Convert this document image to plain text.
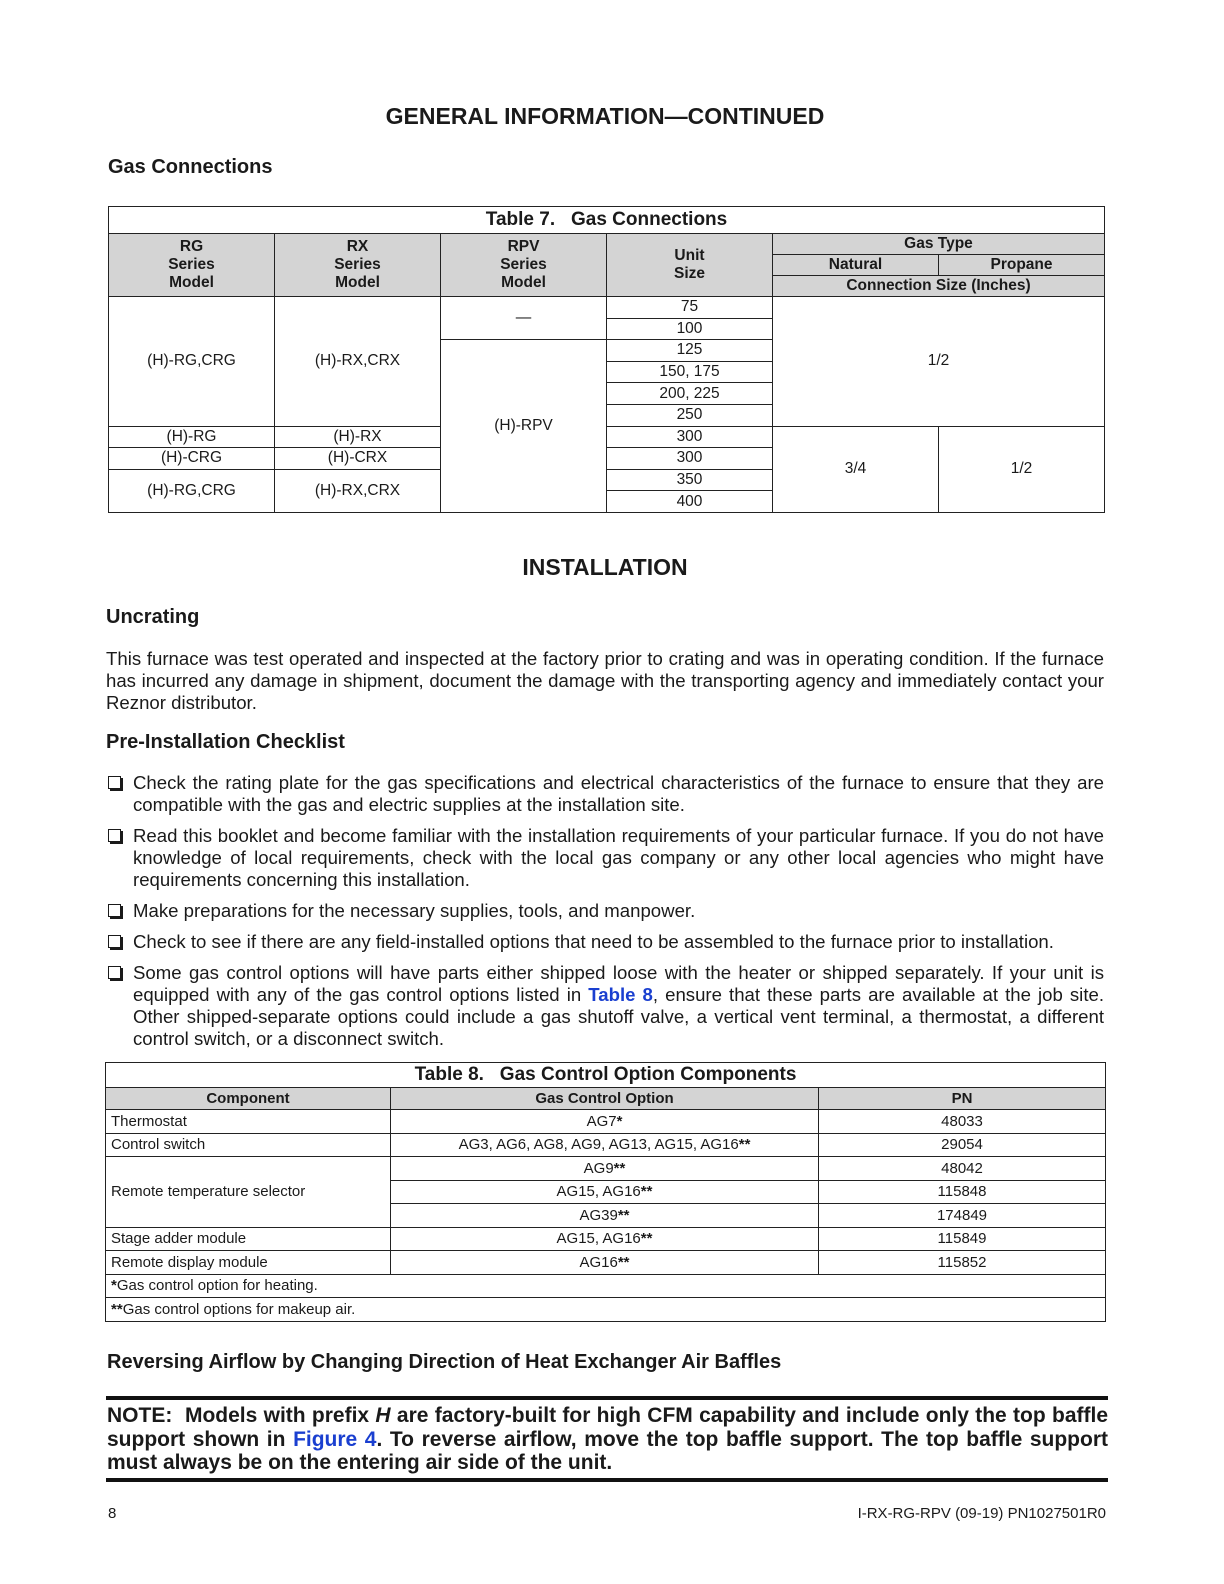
GENERAL INFORMATION—CONTINUED
Gas Connections
Table 7. Gas Connections					
RG
Series
Model	RX
Series
Model	RPV
Series
Model	Unit
Size	Gas Type	
				Natural	Propane
				Connection Size (Inches)	
(H)-RG,CRG	(H)-RX,CRX	—	75	1/2	
			100		
		(H)-RPV	125		
			150, 175		
			200, 225		
			250		
(H)-RG	(H)-RX		300	3/4	1/2
(H)-CRG	(H)-CRX		300		
(H)-RG,CRG	(H)-RX,CRX		350		
			400		
INSTALLATION
Uncrating
This furnace was test operated and inspected at the factory prior to crating and was in operating condition. If the furnace has incurred any damage in shipment, document the damage with the transporting agency and immediately contact your Reznor distributor.
Pre-Installation Checklist
Check the rating plate for the gas specifications and electrical characteristics of the furnace to ensure that they are compatible with the gas and electric supplies at the installation site.
Read this booklet and become familiar with the installation requirements of your particular furnace. If you do not have knowledge of local requirements, check with the local gas company or any other local agencies who might have requirements concerning this installation.
Make preparations for the necessary supplies, tools, and manpower.
Check to see if there are any field-installed options that need to be assembled to the furnace prior to installation.
Some gas control options will have parts either shipped loose with the heater or shipped separately. If your unit is equipped with any of the gas control options listed in Table 8, ensure that these parts are available at the job site. Other shipped-separate options could include a gas shutoff valve, a vertical vent terminal, a thermostat, a different control switch, or a disconnect switch.
Table 8. Gas Control Option Components		
Component	Gas Control Option	PN
Thermostat	AG7*	48033
Control switch	AG3, AG6, AG8, AG9, AG13, AG15, AG16**	29054
Remote temperature selector	AG9**	48042
	AG15, AG16**	115848
	AG39**	174849
Stage adder module	AG15, AG16**	115849
Remote display module	AG16**	115852
*Gas control option for heating.		
**Gas control options for makeup air.		
Reversing Airflow by Changing Direction of Heat Exchanger Air Baffles
NOTE: Models with prefix H are factory-built for high CFM capability and include only the top baffle support shown in Figure 4. To reverse airflow, move the top baffle support. The top baffle support must always be on the entering air side of the unit.
8	I-RX-RG-RPV (09-19) PN1027501R0
